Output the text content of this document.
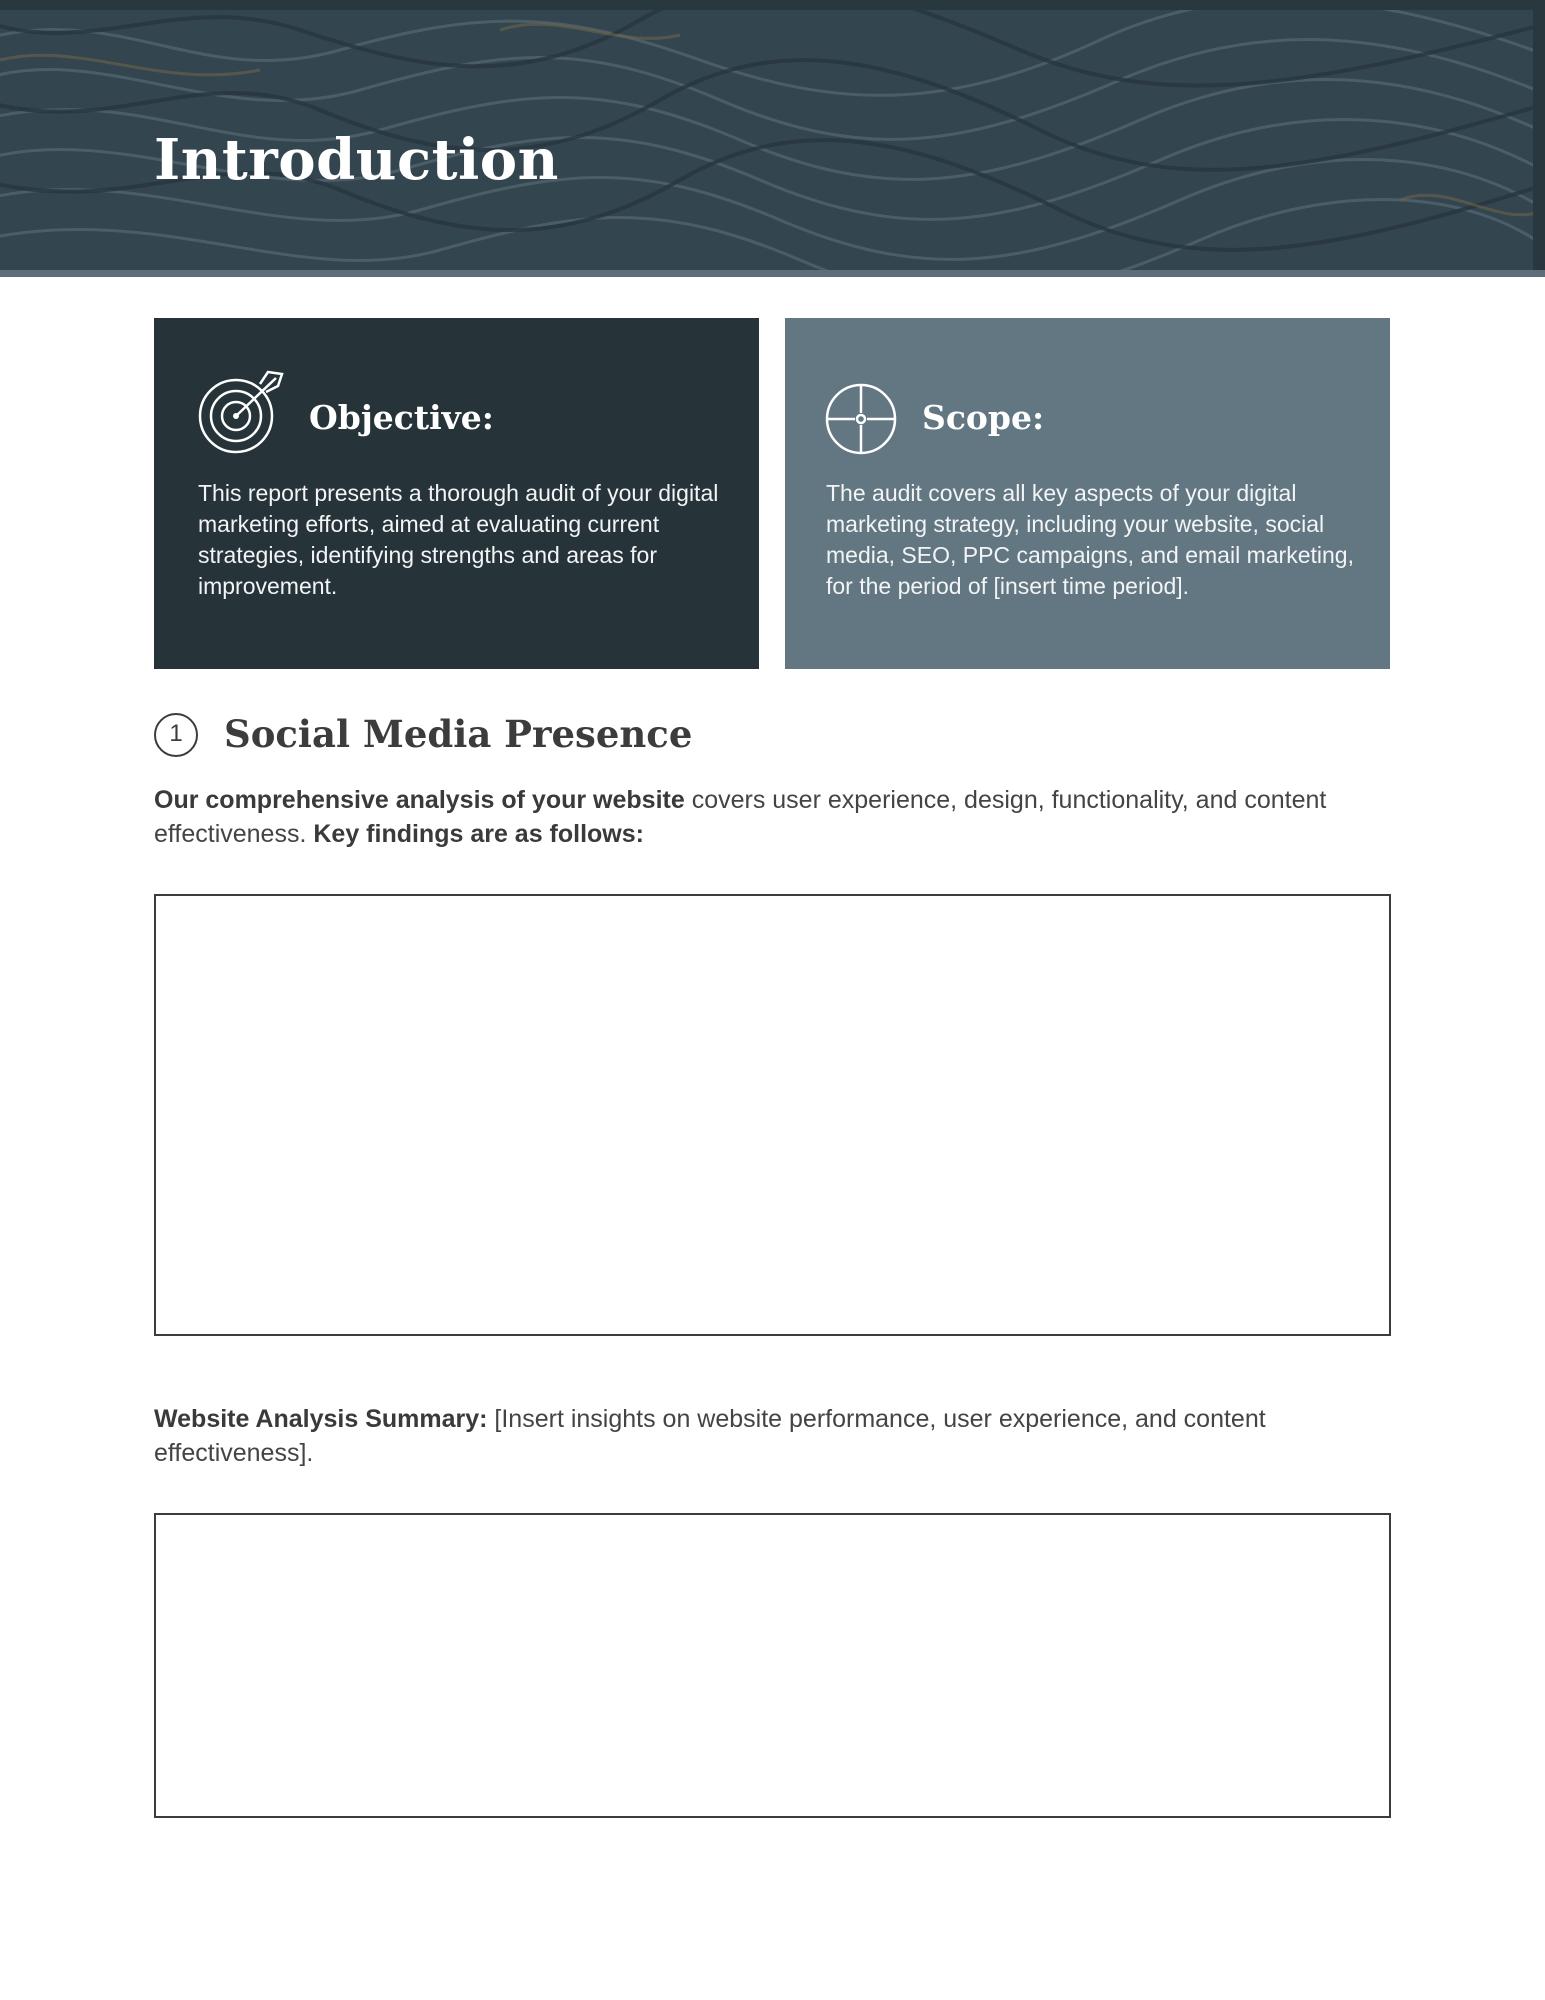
Introduction
Objective:

This report presents a thorough audit of your digital marketing efforts, aimed at evaluating current strategies, identifying strengths and areas for improvement.

Scope:

The audit covers all key aspects of your digital marketing strategy, including your website, social media, SEO, PPC campaigns, and email marketing, for the period of [insert time period].

1	Social Media Presence

Our comprehensive analysis of your website covers user experience, design, functionality, and content effectiveness. Key findings are as follows:

Website Analysis Summary: [Insert insights on website performance, user experience, and content effectiveness].
